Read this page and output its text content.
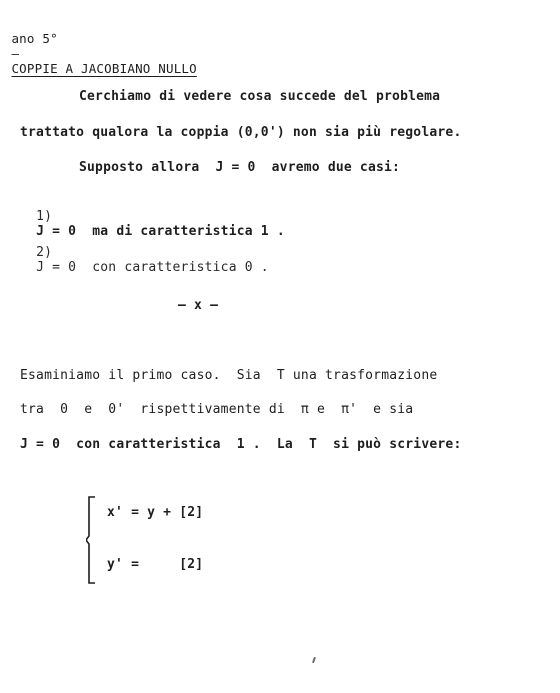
ano 5°
–
COPPIE A JACOBIANO NULLO

Cerchiamo di vedere cosa succede del problema
trattato qualora la coppia (0,0') non sia più regolare.
Supposto allora  J = 0  avremo due casi:

1)
J = 0  ma di caratteristica 1 .

2)
J = 0  con caratteristica 0 .

– x –
Esaminiamo il primo caso.  Sia  T una trasformazione
tra  0  e  0'  rispettivamente di  π e  π'  e sia
J = 0  con caratteristica  1 .  La  T  si può scrivere:
x' = y + [2]
y' =     [2]
